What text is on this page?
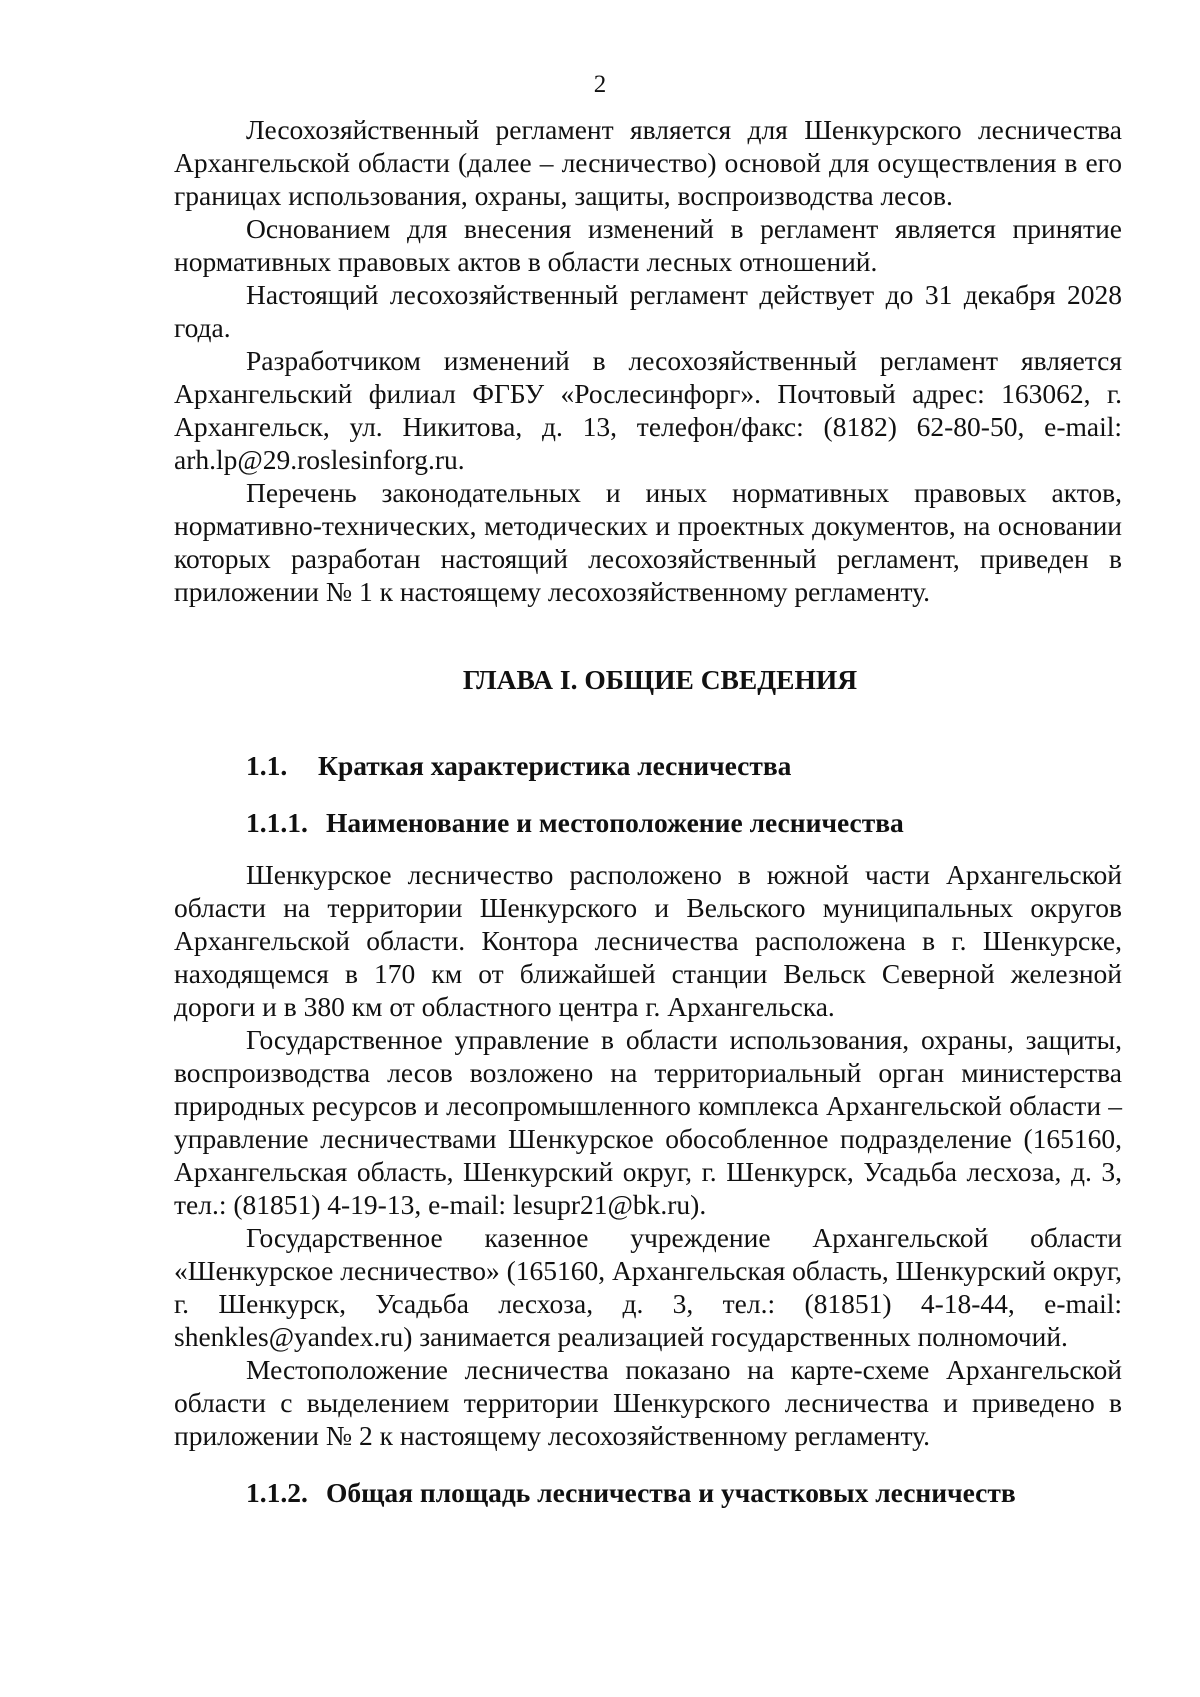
2

Лесохозяйственный регламент является для Шенкурского лесничества Архангельской области (далее – лесничество) основой для осуществления в его границах использования, охраны, защиты, воспроизводства лесов.

Основанием для внесения изменений в регламент является принятие нормативных правовых актов в области лесных отношений.

Настоящий лесохозяйственный регламент действует до 31 декабря 2028 года.

Разработчиком изменений в лесохозяйственный регламент является Архангельский филиал ФГБУ «Рослесинфорг». Почтовый адрес: 163062, г. Архангельск, ул. Никитова, д. 13, телефон/факс: (8182) 62-80-50, e-mail: arh.lp@29.roslesinforg.ru.

Перечень законодательных и иных нормативных правовых актов, нормативно-технических, методических и проектных документов, на основании которых разработан настоящий лесохозяйственный регламент, приведен в приложении № 1 к настоящему лесохозяйственному регламенту.

ГЛАВА I. ОБЩИЕ СВЕДЕНИЯ
1.1.	Краткая характеристика лесничества
1.1.1. Наименование и местоположение лесничества

Шенкурское лесничество расположено в южной части Архангельской области на территории Шенкурского и Вельского муниципальных округов Архангельской области. Контора лесничества расположена в г. Шенкурске, находящемся в 170 км от ближайшей станции Вельск Северной железной дороги и в 380 км от областного центра г. Архангельска.

Государственное управление в области использования, охраны, защиты, воспроизводства лесов возложено на территориальный орган министерства природных ресурсов и лесопромышленного комплекса Архангельской области – управление лесничествами Шенкурское обособленное подразделение (165160, Архангельская область, Шенкурский округ, г. Шенкурск, Усадьба лесхоза, д. 3, тел.: (81851) 4-19-13, e-mail: lesupr21@bk.ru).

Государственное казенное учреждение Архангельской области «Шенкурское лесничество» (165160, Архангельская область, Шенкурский округ, г. Шенкурск, Усадьба лесхоза, д. 3, тел.: (81851) 4-18-44, e-mail: shenkles@yandex.ru) занимается реализацией государственных полномочий.

Местоположение лесничества показано на карте-схеме Архангельской области с выделением территории Шенкурского лесничества и приведено в приложении № 2 к настоящему лесохозяйственному регламенту.

1.1.2. Общая площадь лесничества и участковых лесничеств
